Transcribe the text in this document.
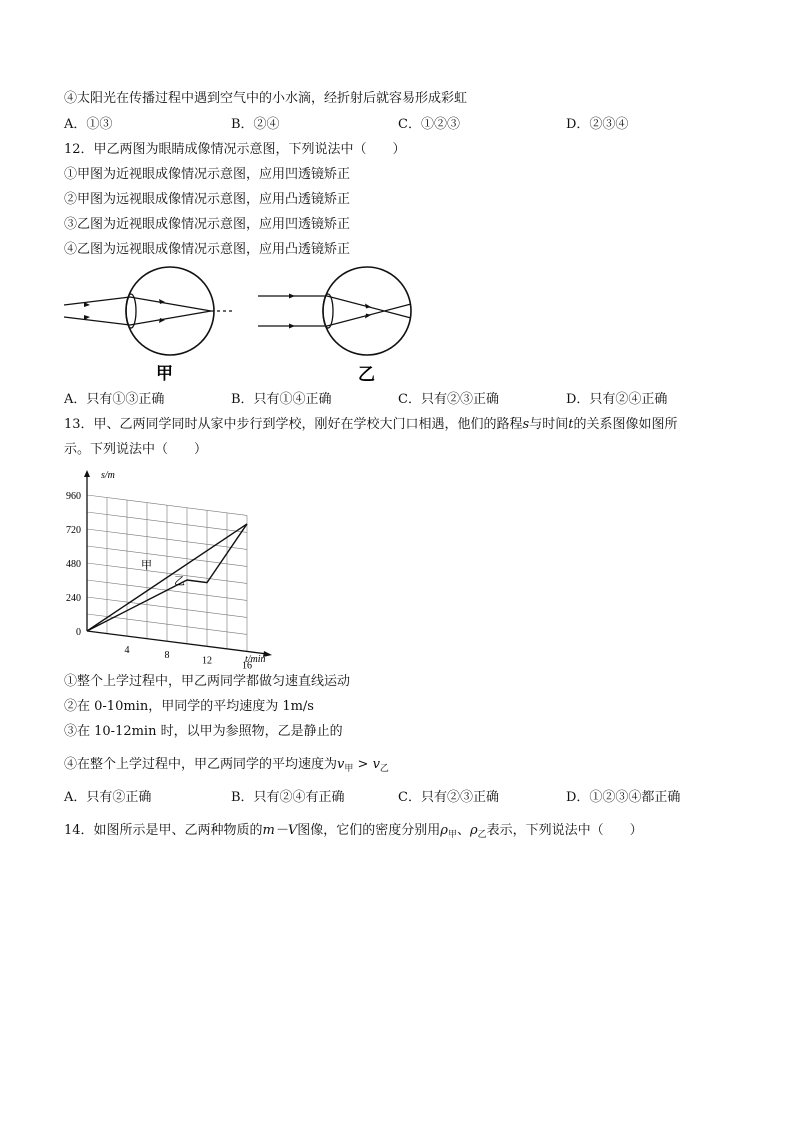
④太阳光在传播过程中遇到空气中的小水滴，经折射后就容易形成彩虹
A．①③	B．②④	C．①②③	D．②③④
12．甲乙两图为眼睛成像情况示意图，下列说法中（　　）
①甲图为近视眼成像情况示意图，应用凹透镜矫正
②甲图为远视眼成像情况示意图，应用凸透镜矫正
③乙图为近视眼成像情况示意图，应用凹透镜矫正
④乙图为远视眼成像情况示意图，应用凸透镜矫正
甲	乙
A．只有①③正确	B．只有①④正确	C．只有②③正确	D．只有②④正确
13．甲、乙两同学同时从家中步行到学校，刚好在学校大门口相遇，他们的路程s与时间t的关系图像如图所
示。下列说法中（　　）
960
720
480
240
0
4	8	12	16
甲
乙
s/m
t/min
①整个上学过程中，甲乙两同学都做匀速直线运动
②在 0-10min，甲同学的平均速度为 1m/s
③在 10-12min 时，以甲为参照物，乙是静止的
④在整个上学过程中，甲乙两同学的平均速度为$v_甲 > v_乙$
A．只有②正确	B．只有②④有正确	C．只有②③正确	D．①②③④都正确
14．如图所示是甲、乙两种物质的m－V图像，它们的密度分别用$\rho_甲$、$\rho_乙$表示，下列说法中（　　）
